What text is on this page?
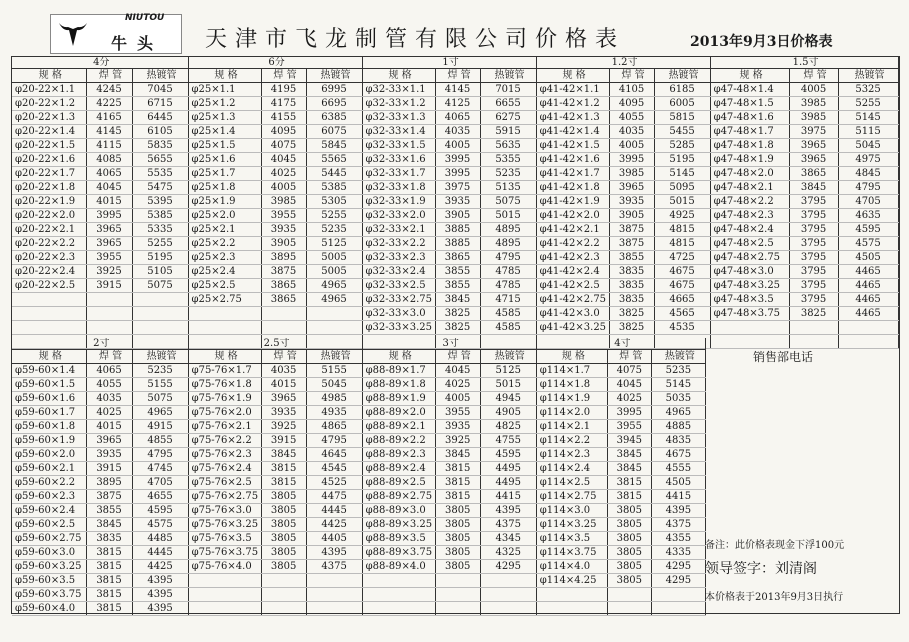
NIUTOU
牛头 天津市飞龙制管有限公司价格表	2013年9月3日价格表
4分			6分			1寸			1.2寸			1.5寸		
规 格	焊 管	热镀管	规 格	焊 管	热镀管	规 格	焊 管	热镀管	规 格	焊 管	热镀管	规 格	焊 管	热镀管
φ20-22×1.1	4245	7045	φ25×1.1	4195	6995	φ32-33×1.1	4145	7015	φ41-42×1.1	4105	6185	φ47-48×1.4	4005	5325
φ20-22×1.2	4225	6715	φ25×1.2	4175	6695	φ32-33×1.2	4125	6655	φ41-42×1.2	4095	6005	φ47-48×1.5	3985	5255
φ20-22×1.3	4165	6445	φ25×1.3	4155	6385	φ32-33×1.3	4065	6275	φ41-42×1.3	4055	5815	φ47-48×1.6	3985	5145
φ20-22×1.4	4145	6105	φ25×1.4	4095	6075	φ32-33×1.4	4035	5915	φ41-42×1.4	4035	5455	φ47-48×1.7	3975	5115
φ20-22×1.5	4115	5835	φ25×1.5	4075	5845	φ32-33×1.5	4005	5635	φ41-42×1.5	4005	5285	φ47-48×1.8	3965	5045
φ20-22×1.6	4085	5655	φ25×1.6	4045	5565	φ32-33×1.6	3995	5355	φ41-42×1.6	3995	5195	φ47-48×1.9	3965	4975
φ20-22×1.7	4065	5535	φ25×1.7	4025	5445	φ32-33×1.7	3995	5235	φ41-42×1.7	3985	5145	φ47-48×2.0	3865	4845
φ20-22×1.8	4045	5475	φ25×1.8	4005	5385	φ32-33×1.8	3975	5135	φ41-42×1.8	3965	5095	φ47-48×2.1	3845	4795
φ20-22×1.9	4015	5395	φ25×1.9	3985	5305	φ32-33×1.9	3935	5075	φ41-42×1.9	3935	5015	φ47-48×2.2	3795	4705
φ20-22×2.0	3995	5385	φ25×2.0	3955	5255	φ32-33×2.0	3905	5015	φ41-42×2.0	3905	4925	φ47-48×2.3	3795	4635
φ20-22×2.1	3965	5335	φ25×2.1	3935	5235	φ32-33×2.1	3885	4895	φ41-42×2.1	3875	4815	φ47-48×2.4	3795	4595
φ20-22×2.2	3965	5255	φ25×2.2	3905	5125	φ32-33×2.2	3885	4895	φ41-42×2.2	3875	4815	φ47-48×2.5	3795	4575
φ20-22×2.3	3955	5195	φ25×2.3	3895	5005	φ32-33×2.3	3865	4795	φ41-42×2.3	3855	4725	φ47-48×2.75	3795	4505
φ20-22×2.4	3925	5105	φ25×2.4	3875	5005	φ32-33×2.4	3855	4785	φ41-42×2.4	3835	4675	φ47-48×3.0	3795	4465
φ20-22×2.5	3915	5075	φ25×2.5	3865	4965	φ32-33×2.5	3855	4785	φ41-42×2.5	3835	4675	φ47-48×3.25	3795	4465
			φ25×2.75	3865	4965	φ32-33×2.75	3845	4715	φ41-42×2.75	3835	4665	φ47-48×3.5	3795	4465
						φ32-33×3.0	3825	4585	φ41-42×3.0	3825	4565	φ47-48×3.75	3825	4465
						φ32-33×3.25	3825	4585	φ41-42×3.25	3825	4535			

2寸			2.5寸			3寸			4寸		
规 格	焊 管	热镀管	规 格	焊 管	热镀管	规 格	焊 管	热镀管	规 格	焊 管	热镀管
φ59-60×1.4	4065	5235	φ75-76×1.7	4035	5155	φ88-89×1.7	4045	5125	φ114×1.7	4075	5235
φ59-60×1.5	4055	5155	φ75-76×1.8	4015	5045	φ88-89×1.8	4025	5015	φ114×1.8	4045	5145
φ59-60×1.6	4035	5075	φ75-76×1.9	3965	4985	φ88-89×1.9	4005	4945	φ114×1.9	4025	5035
φ59-60×1.7	4025	4965	φ75-76×2.0	3935	4935	φ88-89×2.0	3955	4905	φ114×2.0	3995	4965
φ59-60×1.8	4015	4915	φ75-76×2.1	3925	4865	φ88-89×2.1	3935	4825	φ114×2.1	3955	4885
φ59-60×1.9	3965	4855	φ75-76×2.2	3915	4795	φ88-89×2.2	3925	4755	φ114×2.2	3945	4835
φ59-60×2.0	3935	4795	φ75-76×2.3	3845	4645	φ88-89×2.3	3845	4595	φ114×2.3	3845	4675
φ59-60×2.1	3915	4745	φ75-76×2.4	3815	4545	φ88-89×2.4	3815	4495	φ114×2.4	3845	4555
φ59-60×2.2	3895	4705	φ75-76×2.5	3815	4525	φ88-89×2.5	3815	4495	φ114×2.5	3815	4505
φ59-60×2.3	3875	4655	φ75-76×2.75	3805	4475	φ88-89×2.75	3815	4415	φ114×2.75	3815	4415
φ59-60×2.4	3855	4595	φ75-76×3.0	3805	4445	φ88-89×3.0	3805	4395	φ114×3.0	3805	4395
φ59-60×2.5	3845	4575	φ75-76×3.25	3805	4425	φ88-89×3.25	3805	4375	φ114×3.25	3805	4375
φ59-60×2.75	3835	4485	φ75-76×3.5	3805	4405	φ88-89×3.5	3805	4345	φ114×3.5	3805	4355
φ59-60×3.0	3815	4445	φ75-76×3.75	3805	4395	φ88-89×3.75	3805	4325	φ114×3.75	3805	4335
φ59-60×3.25	3815	4425	φ75-76×4.0	3805	4375	φ88-89×4.0	3805	4295	φ114×4.0	3805	4295
φ59-60×3.5	3815	4395							φ114×4.25	3805	4295
φ59-60×3.75	3815	4395									
φ59-60×4.0	3815	4395									
销售部电话
备注：此价格表现金下浮100元
领导签字：刘清阁
本价格表于2013年9月3日执行
